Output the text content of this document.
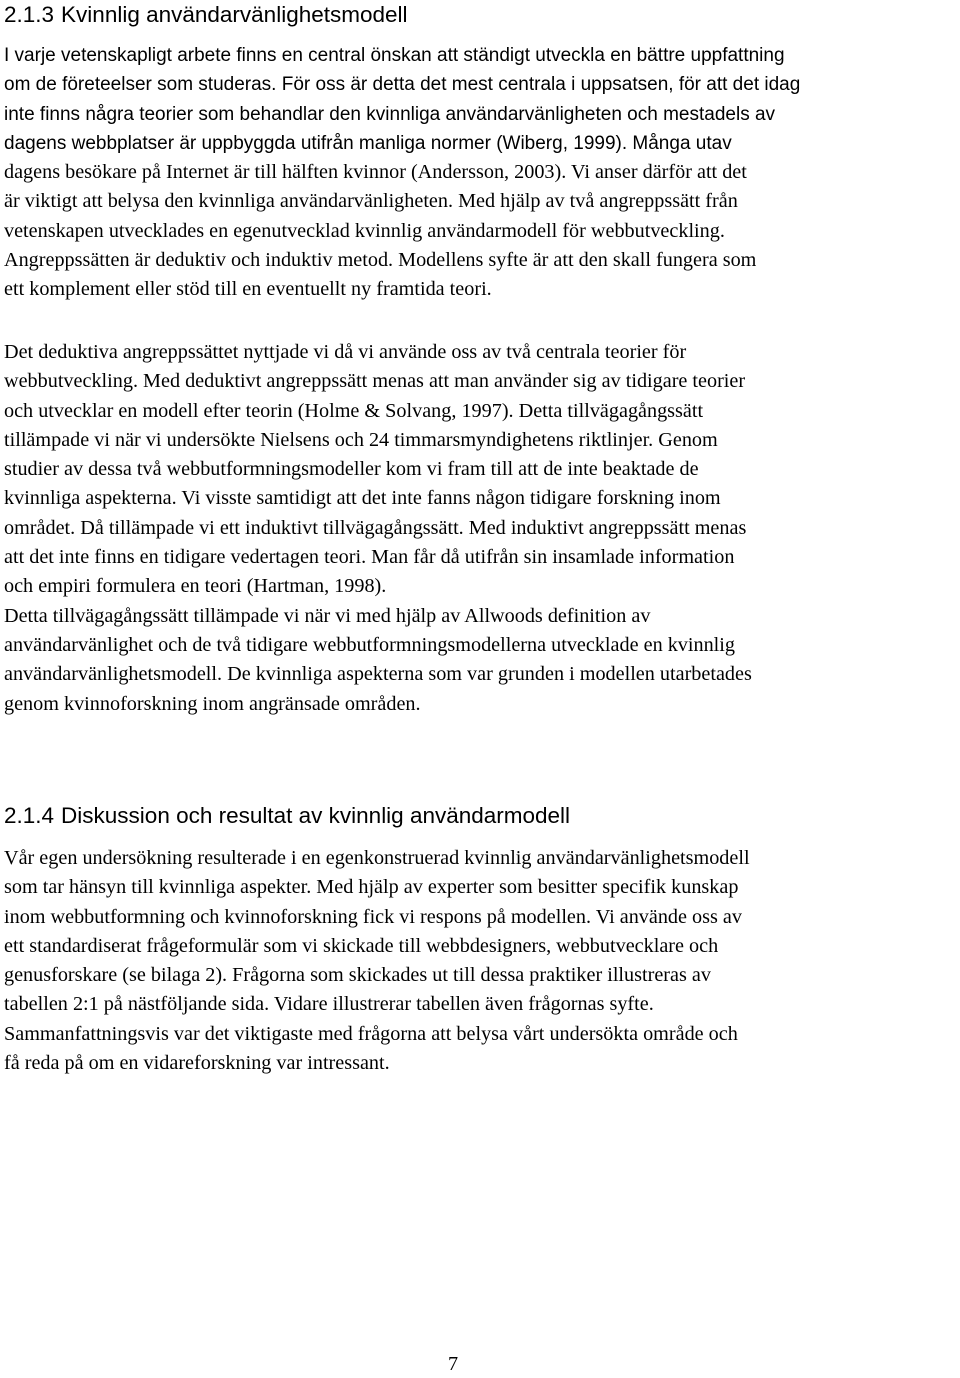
2.1.3 Kvinnlig användarvänlighetsmodell
I varje vetenskapligt arbete finns en central önskan att ständigt utveckla en bättre uppfattning
om de företeelser som studeras. För oss är detta det mest centrala i uppsatsen, för att det idag
inte finns några teorier som behandlar den kvinnliga användarvänligheten och mestadels av
dagens webbplatser är uppbyggda utifrån manliga normer (Wiberg, 1999). Många utav
dagens besökare på Internet är till hälften kvinnor (Andersson, 2003). Vi anser därför att det
är viktigt att belysa den kvinnliga användarvänligheten. Med hjälp av två angreppssätt från
vetenskapen utvecklades en egenutvecklad kvinnlig användarmodell för webbutveckling.
Angreppssätten är deduktiv och induktiv metod. Modellens syfte är att den skall fungera som
ett komplement eller stöd till en eventuellt ny framtida teori.
Det deduktiva angreppssättet nyttjade vi då vi använde oss av två centrala teorier för
webbutveckling. Med deduktivt angreppssätt menas att man använder sig av tidigare teorier
och utvecklar en modell efter teorin (Holme & Solvang, 1997). Detta tillvägagångssätt
tillämpade vi när vi undersökte Nielsens och 24 timmarsmyndighetens riktlinjer. Genom
studier av dessa två webbutformningsmodeller kom vi fram till att de inte beaktade de
kvinnliga aspekterna. Vi visste samtidigt att det inte fanns någon tidigare forskning inom
området. Då tillämpade vi ett induktivt tillvägagångssätt. Med induktivt angreppssätt menas
att det inte finns en tidigare vedertagen teori. Man får då utifrån sin insamlade information
och empiri formulera en teori (Hartman, 1998).
Detta tillvägagångssätt tillämpade vi när vi med hjälp av Allwoods definition av
användarvänlighet och de två tidigare webbutformningsmodellerna utvecklade en kvinnlig
användarvänlighetsmodell. De kvinnliga aspekterna som var grunden i modellen utarbetades
genom kvinnoforskning inom angränsade områden.
2.1.4 Diskussion och resultat av kvinnlig användarmodell
Vår egen undersökning resulterade i en egenkonstruerad kvinnlig användarvänlighetsmodell
som tar hänsyn till kvinnliga aspekter. Med hjälp av experter som besitter specifik kunskap
inom webbutformning och kvinnoforskning fick vi respons på modellen. Vi använde oss av
ett standardiserat frågeformulär som vi skickade till webbdesigners, webbutvecklare och
genusforskare (se bilaga 2). Frågorna som skickades ut till dessa praktiker illustreras av
tabellen 2:1 på nästföljande sida. Vidare illustrerar tabellen även frågornas syfte.
Sammanfattningsvis var det viktigaste med frågorna att belysa vårt undersökta område och
få reda på om en vidareforskning var intressant.

7
